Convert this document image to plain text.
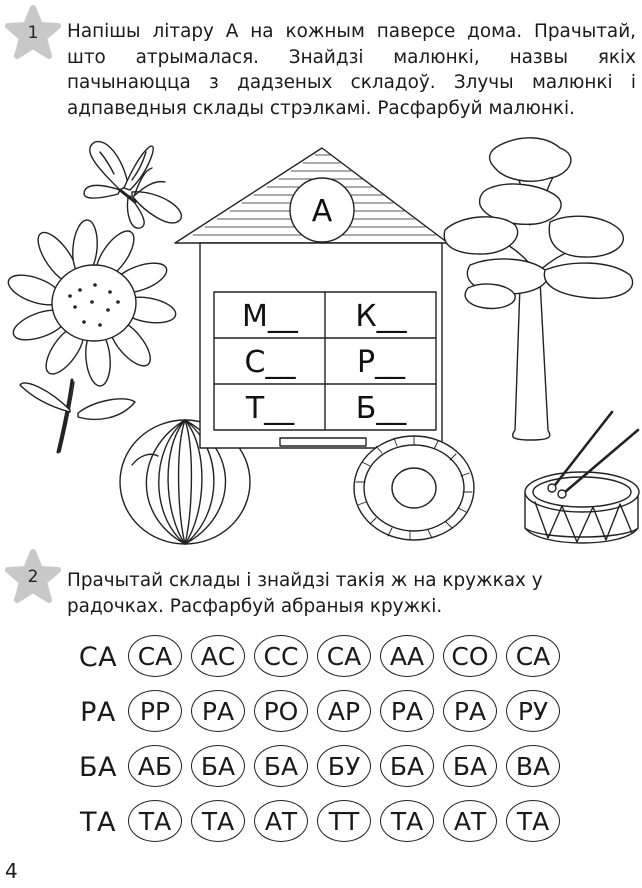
1	Напішы літару А на кожным паверсе дома. Прачытай, што атрымалася. Знайдзі малюнкі, назвы якіх пачынаюцца з дадзеных складоў. Злучы малюнкі і адпаведныя склады стрэлкамі. Расфарбуй малюнкі.
А
М__ К__
С__ Р__
Т__ Б__
2	Прачытай склады і знайдзі такія ж на кружках у радочках. Расфарбуй абраныя кружкі.
СА СА	АС	СС	СА	АА	СО	СА
РА РР	РА	РО	АР	РА	РА	РУ
БА АБ	БА	БА	БУ	БА	БА	ВА
ТА ТА	ТА	АТ	ТТ	ТА	АТ	ТА
4
